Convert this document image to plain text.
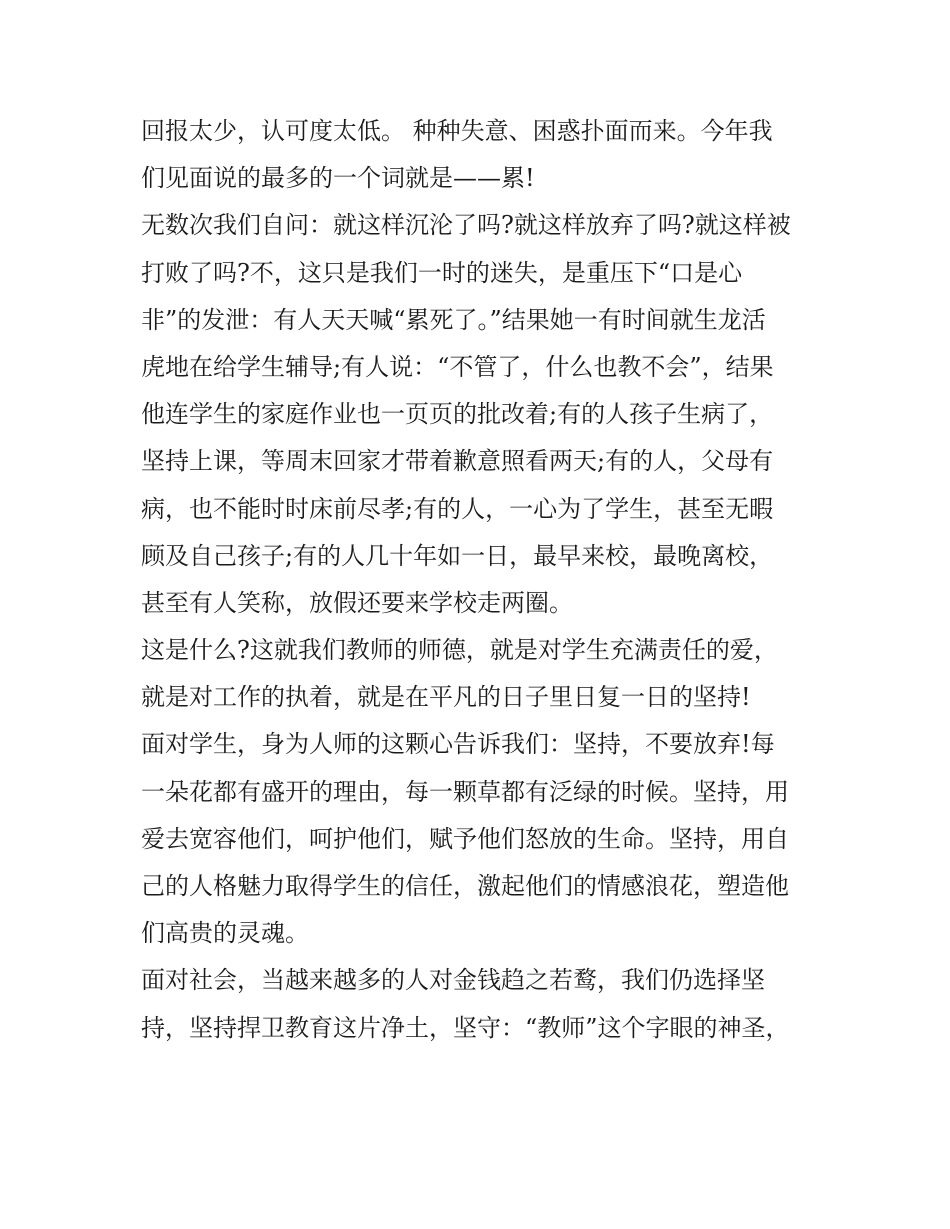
回报太少，认可度太低。 种种失意、困惑扑面而来。今年我

们见面说的最多的一个词就是——累!

无数次我们自问：就这样沉沦了吗?就这样放弃了吗?就这样被

打败了吗?不，这只是我们一时的迷失，是重压下“口是心

非”的发泄：有人天天喊“累死了。”结果她一有时间就生龙活

虎地在给学生辅导;有人说：“不管了，什么也教不会”，结果

他连学生的家庭作业也一页页的批改着;有的人孩子生病了，

坚持上课，等周末回家才带着歉意照看两天;有的人，父母有

病，也不能时时床前尽孝;有的人，一心为了学生，甚至无暇

顾及自己孩子;有的人几十年如一日，最早来校，最晚离校，

甚至有人笑称，放假还要来学校走两圈。

这是什么?这就我们教师的师德，就是对学生充满责任的爱，

就是对工作的执着，就是在平凡的日子里日复一日的坚持!

面对学生，身为人师的这颗心告诉我们：坚持，不要放弃!每

一朵花都有盛开的理由，每一颗草都有泛绿的时候。坚持，用

爱去宽容他们，呵护他们，赋予他们怒放的生命。坚持，用自

己的人格魅力取得学生的信任，激起他们的情感浪花，塑造他

们高贵的灵魂。

面对社会，当越来越多的人对金钱趋之若鹜，我们仍选择坚

持，坚持捍卫教育这片净土，坚守：“教师”这个字眼的神圣，
